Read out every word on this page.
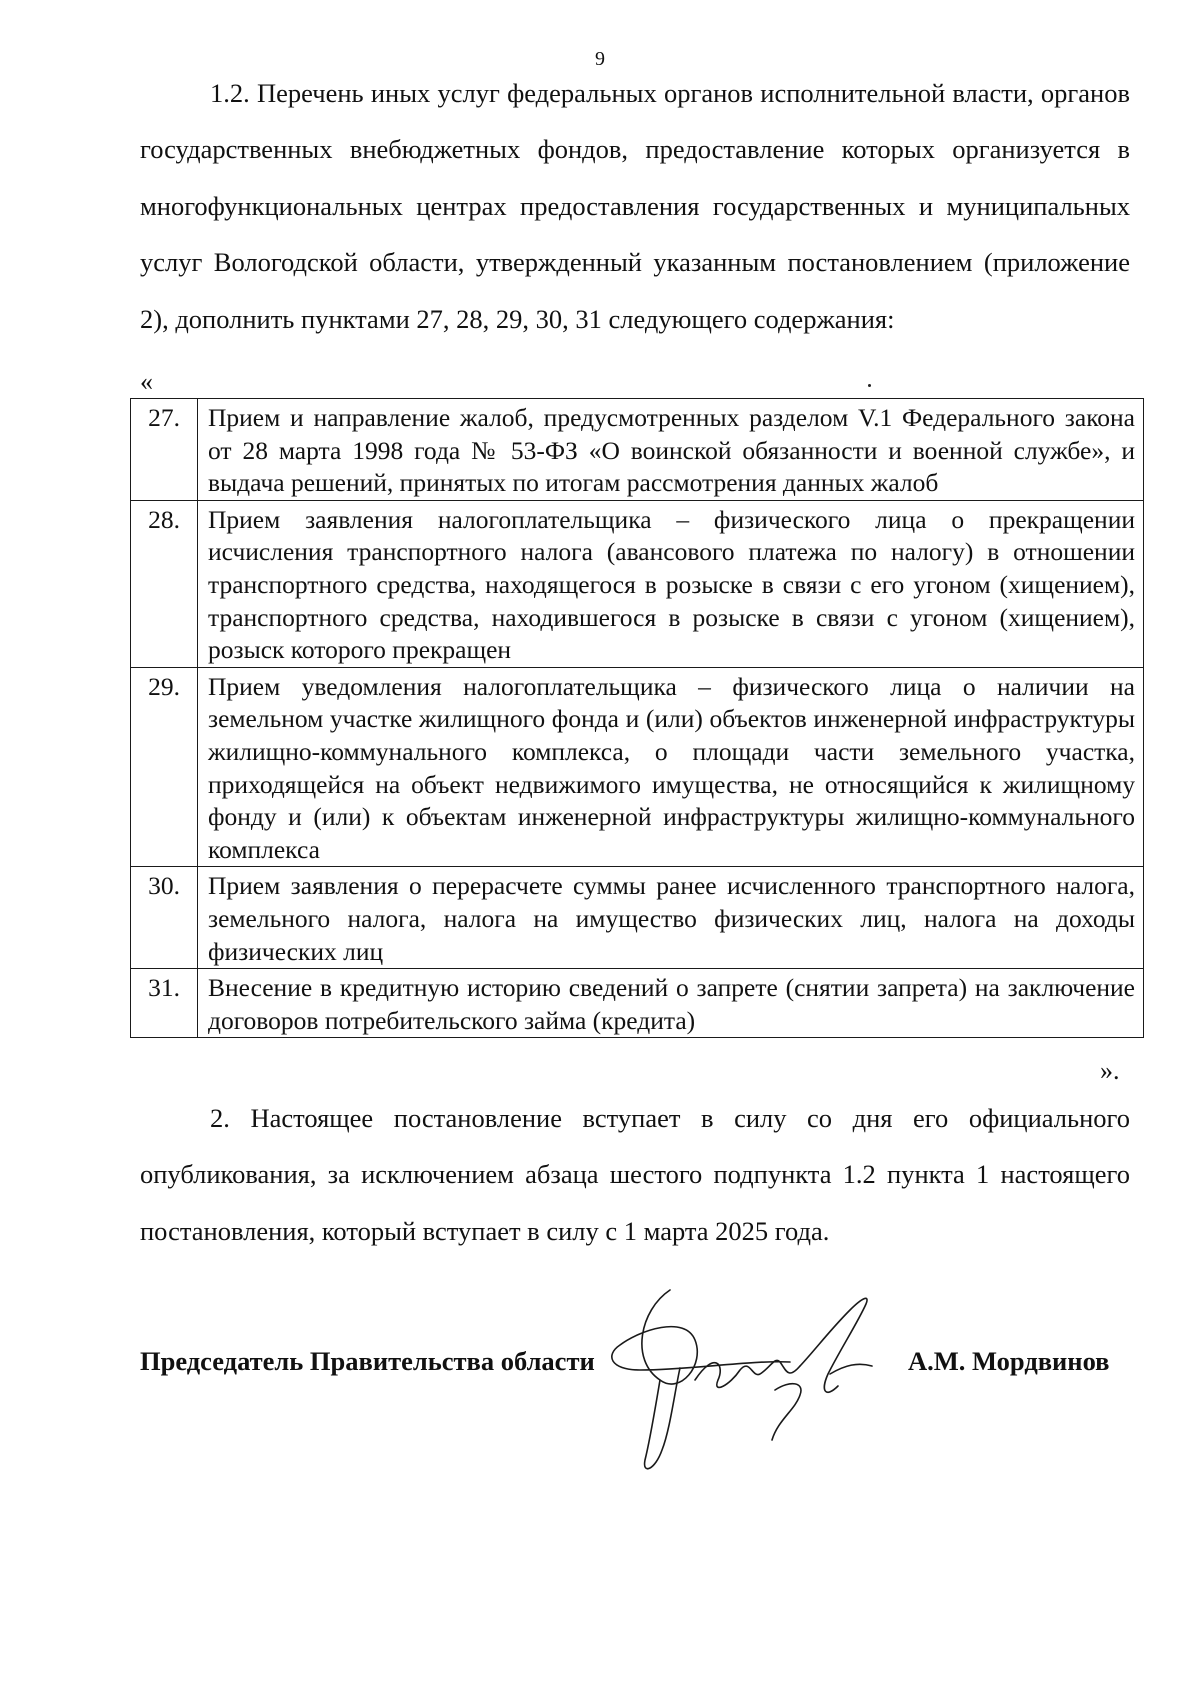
9

1.2. Перечень иных услуг федеральных органов исполнительной власти, органов государственных внебюджетных фондов, предоставление которых организуется в многофункциональных центрах предоставления государственных и муниципальных услуг Вологодской области, утвержденный указанным постановлением (приложение 2), дополнить пунктами 27, 28, 29, 30, 31 следующего содержания:

«
27.	Прием и направление жалоб, предусмотренных разделом V.1 Федерального закона от 28 марта 1998 года № 53-ФЗ «О воинской обязанности и военной службе», и выдача решений, принятых по итогам рассмотрения данных жалоб
28.	Прием заявления налогоплательщика – физического лица о прекращении исчисления транспортного налога (авансового платежа по налогу) в отношении транспортного средства, находящегося в розыске в связи с его угоном (хищением), транспортного средства, находившегося в розыске в связи с угоном (хищением), розыск которого прекращен
29.	Прием уведомления налогоплательщика – физического лица о наличии на земельном участке жилищного фонда и (или) объектов инженерной инфраструктуры жилищно-коммунального комплекса, о площади части земельного участка, приходящейся на объект недвижимого имущества, не относящийся к жилищному фонду и (или) к объектам инженерной инфраструктуры жилищно-коммунального комплекса
30.	Прием заявления о перерасчете суммы ранее исчисленного транспортного налога, земельного налога, налога на имущество физических лиц, налога на доходы физических лиц
31.	Внесение в кредитную историю сведений о запрете (снятии запрета) на заключение договоров потребительского займа (кредита)
».

2. Настоящее постановление вступает в силу со дня его официального опубликования, за исключением абзаца шестого подпункта 1.2 пункта 1 настоящего постановления, который вступает в силу с 1 марта 2025 года.

Председатель Правительства области	А.М. Мордвинов
